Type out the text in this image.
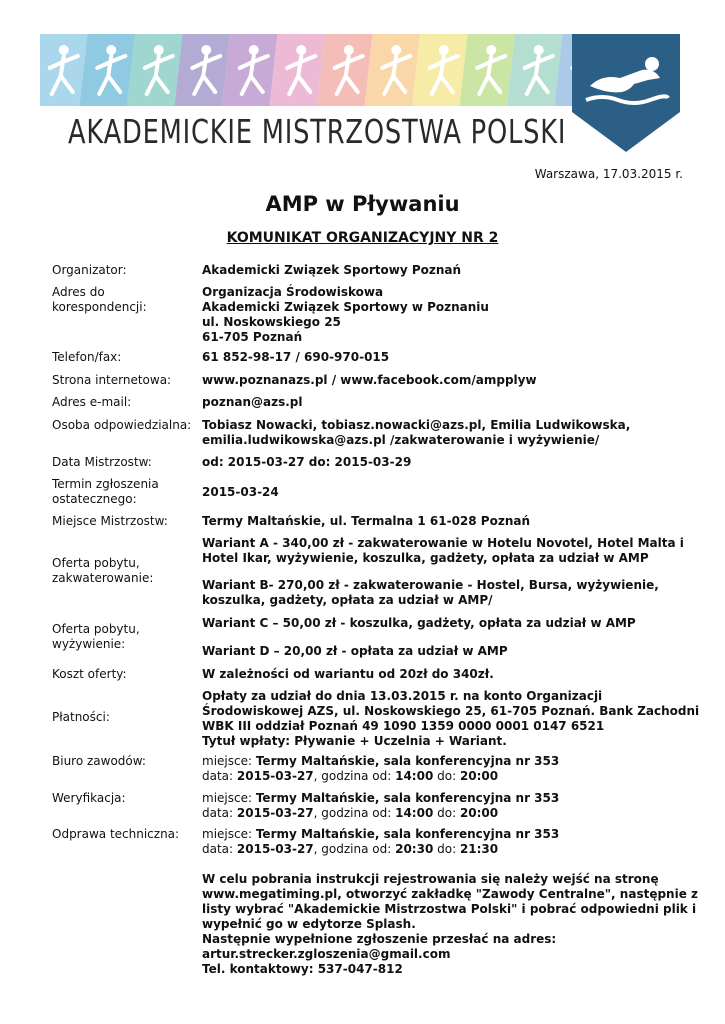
AKADEMICKIE MISTRZOSTWA POLSKI
Warszawa, 17.03.2015 r.
AMP w Pływaniu
KOMUNIKAT ORGANIZACYJNY NR 2
Organizator:	Akademicki Związek Sportowy Poznań
Adres do korespondencji:
Organizacja Środowiskowa
Akademicki Związek Sportowy w Poznaniu
ul. Noskowskiego 25
61-705 Poznań
Telefon/fax:	61 852-98-17 / 690-970-015
Strona internetowa:	www.poznanazs.pl / www.facebook.com/ampplyw
Adres e-mail:	poznan@azs.pl
Osoba odpowiedzialna: Tobiasz Nowacki, tobiasz.nowacki@azs.pl, Emilia Ludwikowska,
emilia.ludwikowska@azs.pl /zakwaterowanie i wyżywienie/
Data Mistrzostw:	od: 2015-03-27 do: 2015-03-29
Termin zgłoszenia
ostatecznego:	2015-03-24
Miejsce Mistrzostw:	Termy Maltańskie, ul. Termalna 1 61-028 Poznań
Oferta pobytu,
zakwaterowanie:
Wariant A - 340,00 zł - zakwaterowanie w Hotelu Novotel, Hotel Malta i
Hotel Ikar, wyżywienie, koszulka, gadżety, opłata za udział w AMP
Wariant B- 270,00 zł - zakwaterowanie - Hostel, Bursa, wyżywienie,
koszulka, gadżety, opłata za udział w AMP/
Oferta pobytu,
wyżywienie:
Wariant C – 50,00 zł - koszulka, gadżety, opłata za udział w AMP
Wariant D – 20,00 zł - opłata za udział w AMP
Koszt oferty:	W zależności od wariantu od 20zł do 340zł.
Płatności:
Opłaty za udział do dnia 13.03.2015 r. na konto Organizacji
Środowiskowej AZS, ul. Noskowskiego 25, 61-705 Poznań. Bank Zachodni
WBK III oddział Poznań 49 1090 1359 0000 0001 0147 6521
Tytuł wpłaty: Pływanie + Uczelnia + Wariant.
Biuro zawodów:	miejsce: Termy Maltańskie, sala konferencyjna nr 353
data: 2015-03-27, godzina od: 14:00 do: 20:00
Weryfikacja:	miejsce: Termy Maltańskie, sala konferencyjna nr 353
data: 2015-03-27, godzina od: 14:00 do: 20:00
Odprawa techniczna:	miejsce: Termy Maltańskie, sala konferencyjna nr 353
data: 2015-03-27, godzina od: 20:30 do: 21:30
W celu pobrania instrukcji rejestrowania się należy wejść na stronę
www.megatiming.pl, otworzyć zakładkę "Zawody Centralne", następnie z
listy wybrać "Akademickie Mistrzostwa Polski" i pobrać odpowiedni plik i
wypełnić go w edytorze Splash.
Następnie wypełnione zgłoszenie przesłać na adres:
artur.strecker.zgloszenia@gmail.com
Tel. kontaktowy: 537-047-812
